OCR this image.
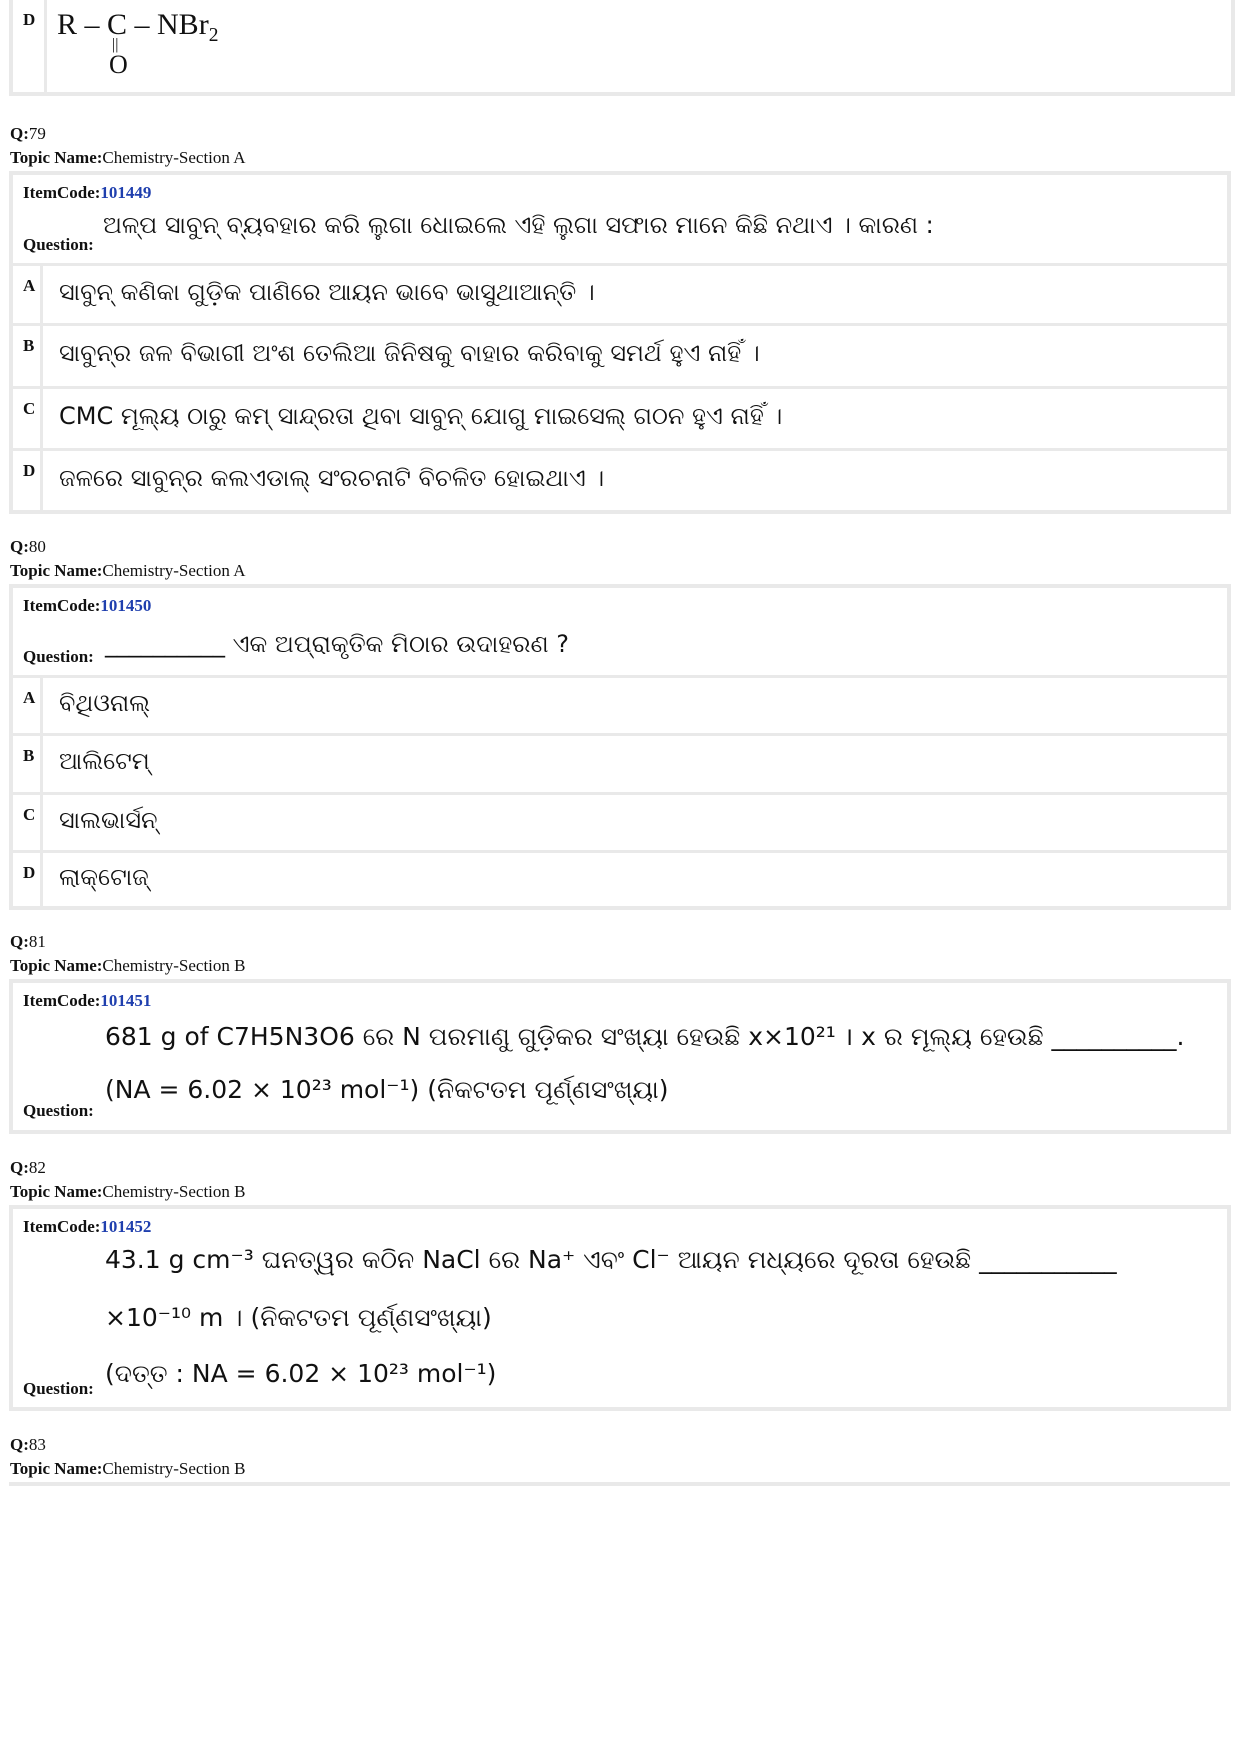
D R – C – NBr$_2$
||
O
Q:79
Topic Name:Chemistry-Section A
ItemCode:101449
ଅଳ୍ପ ସାବୁନ୍ ବ୍ୟବହାର କରି ଲୁଗା ଧୋଇଲେ ଏହି ଲୁଗା ସଫାର ମାନେ କିଛି ନଥାଏ । କାରଣ :
Question:
A ସାବୁନ୍ କଣିକା ଗୁଡ଼ିକ ପାଣିରେ ଆୟନ ଭାବେ ଭାସୁଥାଆନ୍ତି ।
B	ସାବୁନ୍ର ଜଳ ବିଭାଗୀ ଅଂଶ ତେଲିଆ ଜିନିଷକୁ ବାହାର କରିବାକୁ ସମର୍ଥ ହୁଏ ନାହିଁ ।
C CMC ମୂଲ୍ୟ ଠାରୁ କମ୍ ସାନ୍ଦ୍ରତା ଥିବା ସାବୁନ୍ ଯୋଗୁ ମାଇସେଲ୍ ଗଠନ ହୁଏ ନାହିଁ ।
D ଜଳରେ ସାବୁନ୍ର କଲଏଡାଲ୍ ସଂରଚନାଟି ବିଚଳିତ ହୋଇଥାଏ ।
Q:80
Topic Name:Chemistry-Section A
ItemCode:101450
__________ ଏକ ଅପ୍ରାକୃତିକ ମିଠାର ଉଦାହରଣ ?
Question:
A ବିଥିଓନାଲ୍
B	ଆଲିଟେମ୍
C ସାଲଭାର୍ସନ୍
D ଲାକ୍ଟୋଜ୍
Q:81
Topic Name:Chemistry-Section B
ItemCode:101451
681 g of C7H5N3O6 ରେ N ପରମାଣୁ ଗୁଡ଼ିକର ସଂଖ୍ୟା ହେଉଛି x×10²¹ । x ର ମୂଲ୍ୟ ହେଉଛି __________.
(NA = 6.02 × 10²³ mol⁻¹) (ନିକଟତମ ପୂର୍ଣ୍ଣସଂଖ୍ୟା)
Question:
Q:82
Topic Name:Chemistry-Section B
ItemCode:101452
43.1 g cm⁻³ ଘନତ୍ୱର କଠିନ NaCl ରେ Na⁺ ଏବଂ Cl⁻ ଆୟନ ମଧ୍ୟରେ ଦୂରତା ହେଉଛି ___________
×10⁻¹⁰ m । (ନିକଟତମ ପୂର୍ଣ୍ଣସଂଖ୍ୟା)
(ଦତ୍ତ : NA = 6.02 × 10²³ mol⁻¹)
Question:
Q:83
Topic Name:Chemistry-Section B
